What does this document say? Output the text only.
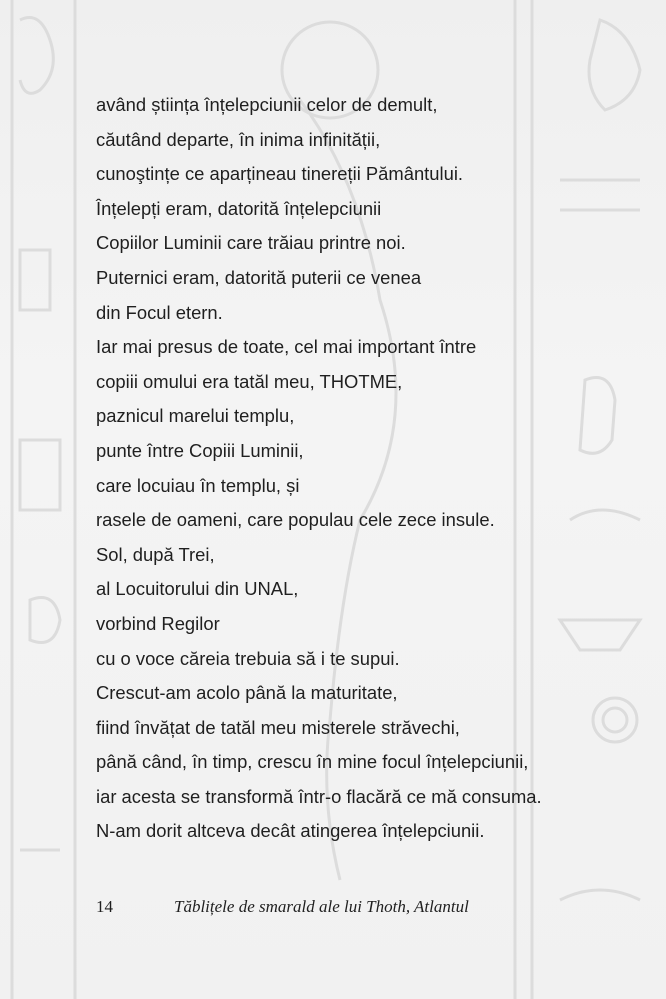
având știința înțelepciunii celor de demult,
căutând departe, în inima infinității,
cunoştințe ce aparțineau tinereții Pământului.
Înțelepți eram, datorită înțelepciunii
Copiilor Luminii care trăiau printre noi.
Puternici eram, datorită puterii ce venea
din Focul etern.
Iar mai presus de toate, cel mai important între
copiii omului era tatăl meu, THOTME,
paznicul marelui templu,
punte între Copiii Luminii,
care locuiau în templu, și
rasele de oameni, care populau cele zece insule.
Sol, după Trei,
al Locuitorului din UNAL,
vorbind Regilor
cu o voce căreia trebuia să i te supui.
Crescut-am acolo până la maturitate,
fiind învățat de tatăl meu misterele străvechi,
până când, în timp, crescu în mine focul înțelepciunii,
iar acesta se transformă într-o flacără ce mă consuma.
N-am dorit altceva decât atingerea înțelepciunii.
14	Tăblițele de smarald ale lui Thoth, Atlantul
